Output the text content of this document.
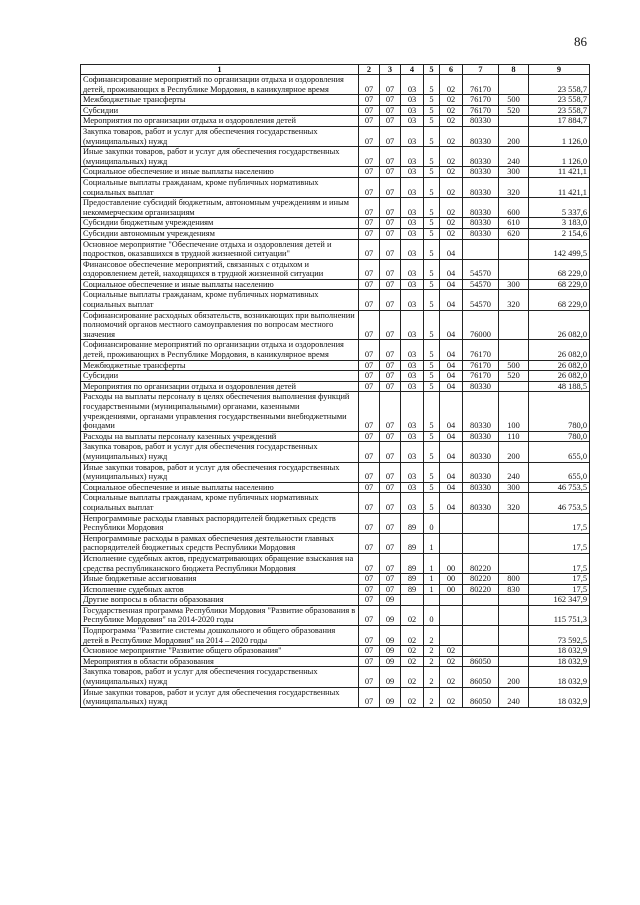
86
1	2	3	4	5	6	7	8	9
Софинансирование мероприятий по организации отдыха и оздоровления детей, проживающих в Республике Мордовия, в каникулярное время	07	07	03	5	02	76170		23 558,7
Межбюджетные трансферты	07	07	03	5	02	76170	500	23 558,7
Субсидии	07	07	03	5	02	76170	520	23 558,7
Мероприятия по организации отдыха и оздоровления детей	07	07	03	5	02	80330		17 884,7
Закупка товаров, работ и услуг для обеспечения государственных (муниципальных) нужд	07	07	03	5	02	80330	200	1 126,0
Иные закупки товаров, работ и услуг для обеспечения государственных (муниципальных) нужд	07	07	03	5	02	80330	240	1 126,0
Социальное обеспечение и иные выплаты населению	07	07	03	5	02	80330	300	11 421,1
Социальные выплаты гражданам, кроме публичных нормативных социальных выплат	07	07	03	5	02	80330	320	11 421,1
Предоставление субсидий бюджетным, автономным учреждениям и иным некоммерческим организациям	07	07	03	5	02	80330	600	5 337,6
Субсидии бюджетным учреждениям	07	07	03	5	02	80330	610	3 183,0
Субсидии автономным учреждениям	07	07	03	5	02	80330	620	2 154,6
Основное мероприятие "Обеспечение отдыха и оздоровления детей и подростков, оказавшихся в трудной жизненной ситуации"	07	07	03	5	04			142 499,5
Финансовое обеспечение мероприятий, связанных с отдыхом и оздоровлением детей, находящихся в трудной жизненной ситуации	07	07	03	5	04	54570		68 229,0
Социальное обеспечение и иные выплаты населению	07	07	03	5	04	54570	300	68 229,0
Социальные выплаты гражданам, кроме публичных нормативных социальных выплат	07	07	03	5	04	54570	320	68 229,0
Софинансирование расходных обязательств, возникающих при выполнении полномочий органов местного самоуправления по вопросам местного значения	07	07	03	5	04	76000		26 082,0
Софинансирование мероприятий по организации отдыха и оздоровления детей, проживающих в Республике Мордовия, в каникулярное время	07	07	03	5	04	76170		26 082,0
Межбюджетные трансферты	07	07	03	5	04	76170	500	26 082,0
Субсидии	07	07	03	5	04	76170	520	26 082,0
Мероприятия по организации отдыха и оздоровления детей	07	07	03	5	04	80330		48 188,5
Расходы на выплаты персоналу в целях обеспечения выполнения функций государственными (муниципальными) органами, казенными учреждениями, органами управления государственными внебюджетными фондами	07	07	03	5	04	80330	100	780,0
Расходы на выплаты персоналу казенных учреждений	07	07	03	5	04	80330	110	780,0
Закупка товаров, работ и услуг для обеспечения государственных (муниципальных) нужд	07	07	03	5	04	80330	200	655,0
Иные закупки товаров, работ и услуг для обеспечения государственных (муниципальных) нужд	07	07	03	5	04	80330	240	655,0
Социальное обеспечение и иные выплаты населению	07	07	03	5	04	80330	300	46 753,5
Социальные выплаты гражданам, кроме публичных нормативных социальных выплат	07	07	03	5	04	80330	320	46 753,5
Непрограммные расходы главных распорядителей бюджетных средств Республики Мордовия	07	07	89	0				17,5
Непрограммные расходы в рамках обеспечения деятельности главных распорядителей бюджетных средств Республики Мордовия	07	07	89	1				17,5
Исполнение судебных актов, предусматривающих обращение взыскания на средства республиканского бюджета Республики Мордовия	07	07	89	1	00	80220		17,5
Иные бюджетные ассигнования	07	07	89	1	00	80220	800	17,5
Исполнение судебных актов	07	07	89	1	00	80220	830	17,5
Другие вопросы в области образования	07	09						162 347,9
Государственная программа Республики Мордовия "Развитие образования в Республике Мордовия" на 2014-2020 годы	07	09	02	0				115 751,3
Подпрограмма "Развитие системы дошкольного и общего образования детей в Республике Мордовия" на 2014 – 2020 годы	07	09	02	2				73 592,5
Основное мероприятие "Развитие общего образования"	07	09	02	2	02			18 032,9
Мероприятия в области образования	07	09	02	2	02	86050		18 032,9
Закупка товаров, работ и услуг для обеспечения государственных (муниципальных) нужд	07	09	02	2	02	86050	200	18 032,9
Иные закупки товаров, работ и услуг для обеспечения государственных (муниципальных) нужд	07	09	02	2	02	86050	240	18 032,9
